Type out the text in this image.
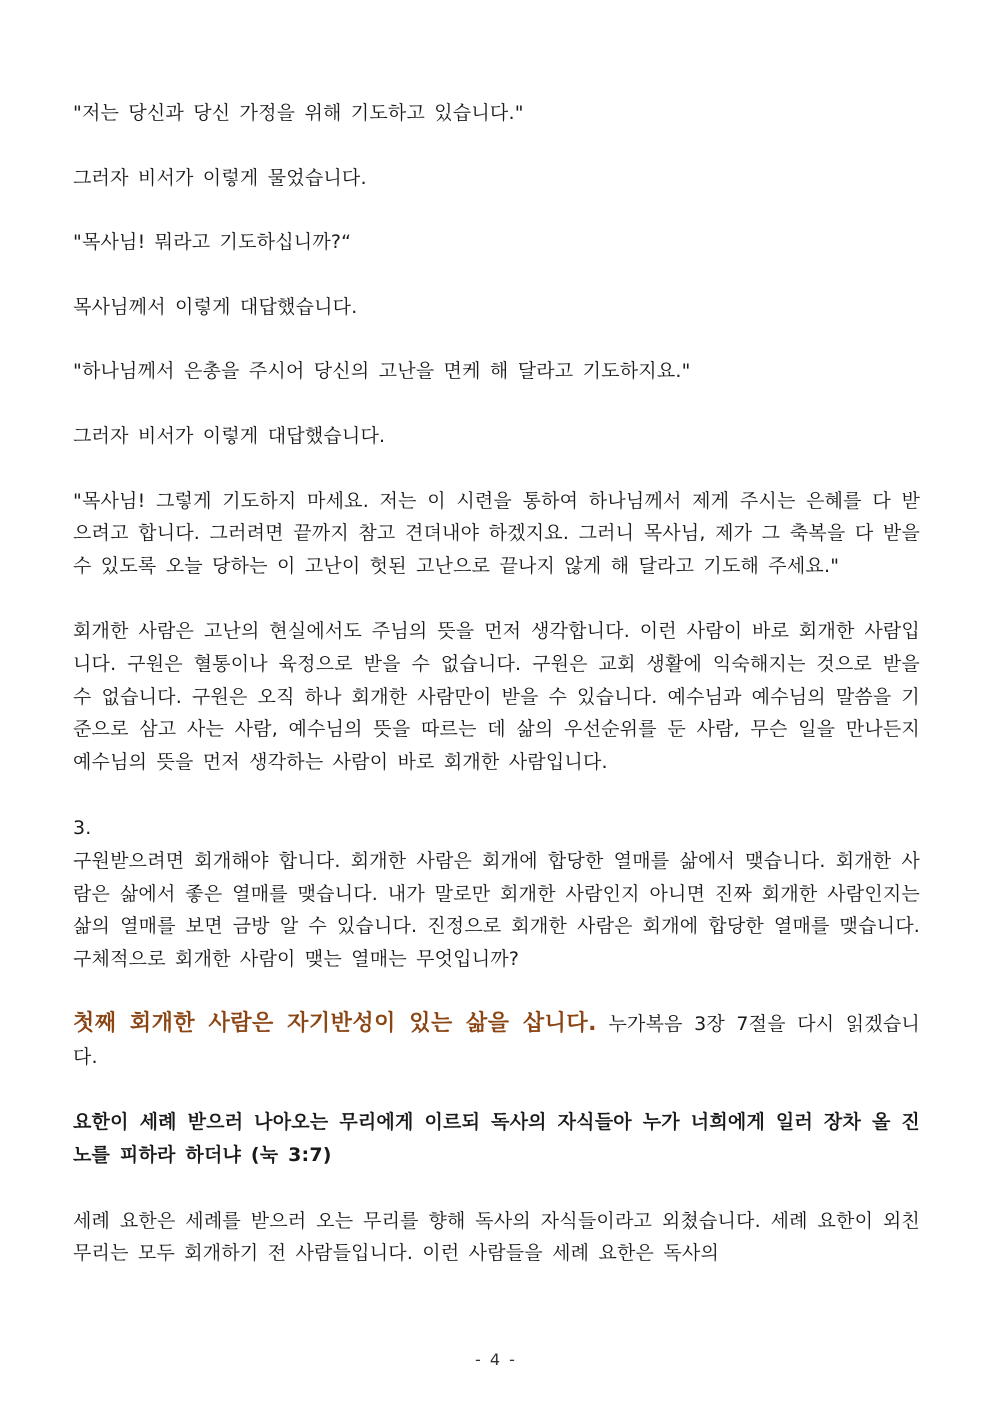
"저는 당신과 당신 가정을 위해 기도하고 있습니다."

그러자 비서가 이렇게 물었습니다.

"목사님! 뭐라고 기도하십니까?“

목사님께서 이렇게 대답했습니다.

"하나님께서 은총을 주시어 당신의 고난을 면케 해 달라고 기도하지요."

그러자 비서가 이렇게 대답했습니다.

"목사님! 그렇게 기도하지 마세요. 저는 이 시련을 통하여 하나님께서 제게 주시는 은혜를 다 받으려고 합니다. 그러려면 끝까지 참고 견뎌내야 하겠지요. 그러니 목사님, 제가 그 축복을 다 받을 수 있도록 오늘 당하는 이 고난이 헛된 고난으로 끝나지 않게 해 달라고 기도해 주세요."

회개한 사람은 고난의 현실에서도 주님의 뜻을 먼저 생각합니다. 이런 사람이 바로 회개한 사람입니다. 구원은 혈통이나 육정으로 받을 수 없습니다. 구원은 교회 생활에 익숙해지는 것으로 받을 수 없습니다. 구원은 오직 하나 회개한 사람만이 받을 수 있습니다. 예수님과 예수님의 말씀을 기준으로 삼고 사는 사람, 예수님의 뜻을 따르는 데 삶의 우선순위를 둔 사람, 무슨 일을 만나든지 예수님의 뜻을 먼저 생각하는 사람이 바로 회개한 사람입니다.

3.

구원받으려면 회개해야 합니다. 회개한 사람은 회개에 합당한 열매를 삶에서 맺습니다. 회개한 사람은 삶에서 좋은 열매를 맺습니다. 내가 말로만 회개한 사람인지 아니면 진짜 회개한 사람인지는 삶의 열매를 보면 금방 알 수 있습니다. 진정으로 회개한 사람은 회개에 합당한 열매를 맺습니다. 구체적으로 회개한 사람이 맺는 열매는 무엇입니까?

첫째 회개한 사람은 자기반성이 있는 삶을 삽니다. 누가복음 3장 7절을 다시 읽겠습니다.

요한이 세례 받으러 나아오는 무리에게 이르되 독사의 자식들아 누가 너희에게 일러 장차 올 진노를 피하라 하더냐 (눅 3:7)

세례 요한은 세례를 받으러 오는 무리를 향해 독사의 자식들이라고 외쳤습니다. 세례 요한이 외친 무리는 모두 회개하기 전 사람들입니다. 이런 사람들을 세례 요한은 독사의

- 4 -
